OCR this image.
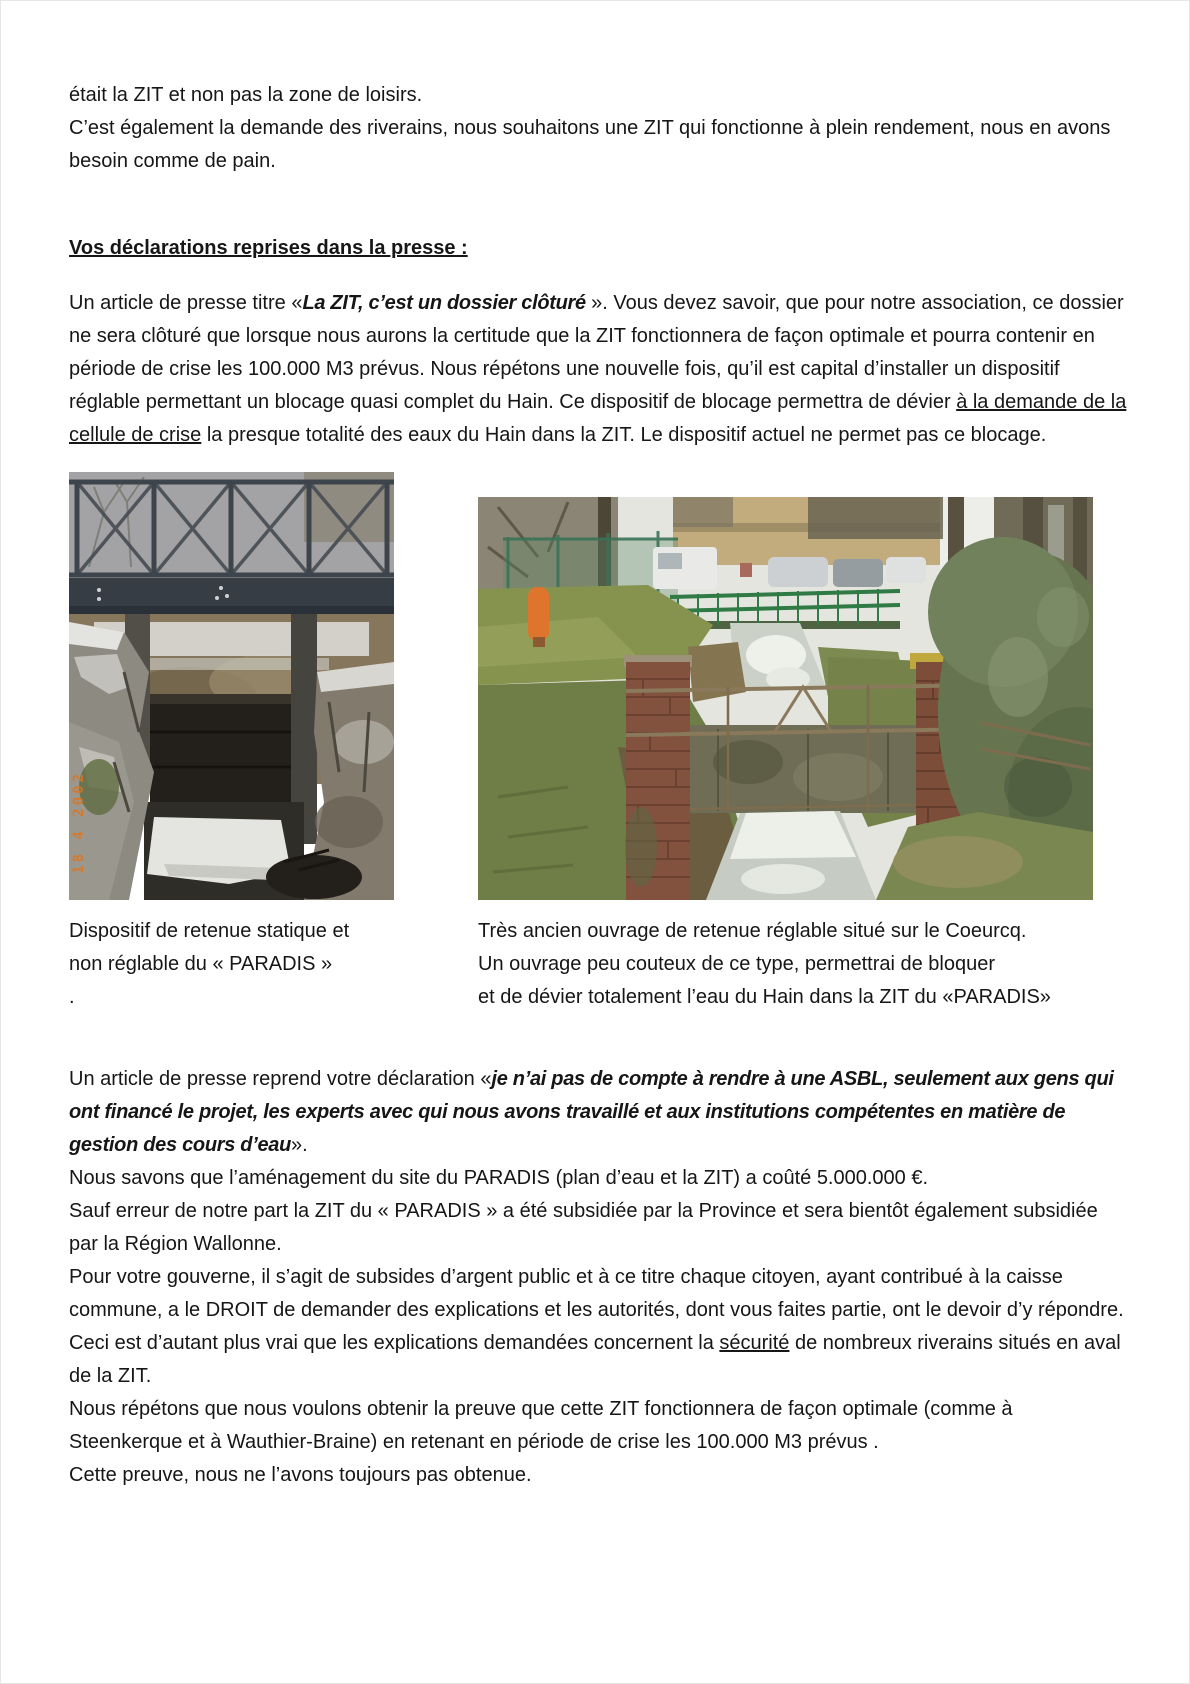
était la ZIT et non pas la zone de loisirs.

C’est également la demande des riverains, nous souhaitons une ZIT qui fonctionne à plein rendement, nous en avons besoin comme de pain.

Vos déclarations reprises dans la presse :

Un article de presse titre «La ZIT, c’est un dossier clôturé ». Vous devez savoir, que pour notre association, ce dossier ne sera clôturé que lorsque nous aurons la certitude que la ZIT fonctionnera de façon optimale et pourra contenir en période de crise les 100.000 M3 prévus. Nous répétons une nouvelle fois, qu’il est capital d’installer un dispositif réglable permettant un blocage quasi complet du Hain. Ce dispositif de blocage permettra de dévier à la demande de la cellule de crise la presque totalité des eaux du Hain dans la ZIT. Le dispositif actuel ne permet pas ce blocage.

18 4 2002

Dispositif de retenue statique et

non réglable du « PARADIS »

.

Très ancien ouvrage de retenue réglable situé sur le Coeurcq.

Un ouvrage peu couteux de ce type, permettrai de bloquer

et de dévier totalement l’eau du Hain dans la ZIT du «PARADIS»

Un article de presse reprend votre déclaration «je n’ai pas de compte à rendre à une ASBL, seulement aux gens qui ont financé le projet, les experts avec qui nous avons travaillé et aux institutions compétentes en matière de gestion des cours d’eau».

Nous savons que l’aménagement du site du PARADIS (plan d’eau et la ZIT) a coûté 5.000.000 €.

Sauf erreur de notre part la ZIT du « PARADIS » a été subsidiée par la Province et sera bientôt également subsidiée par la Région Wallonne.

Pour votre gouverne, il s’agit de subsides d’argent public et à ce titre chaque citoyen, ayant contribué à la caisse commune, a le DROIT de demander des explications et les autorités, dont vous faites partie, ont le devoir d’y répondre.

Ceci est d’autant plus vrai que les explications demandées concernent la sécurité de nombreux riverains situés en aval de la ZIT.

Nous répétons que nous voulons obtenir la preuve que cette ZIT fonctionnera de façon optimale (comme à Steenkerque et à Wauthier-Braine) en retenant en période de crise les 100.000 M3 prévus .

Cette preuve, nous ne l’avons toujours pas obtenue.
